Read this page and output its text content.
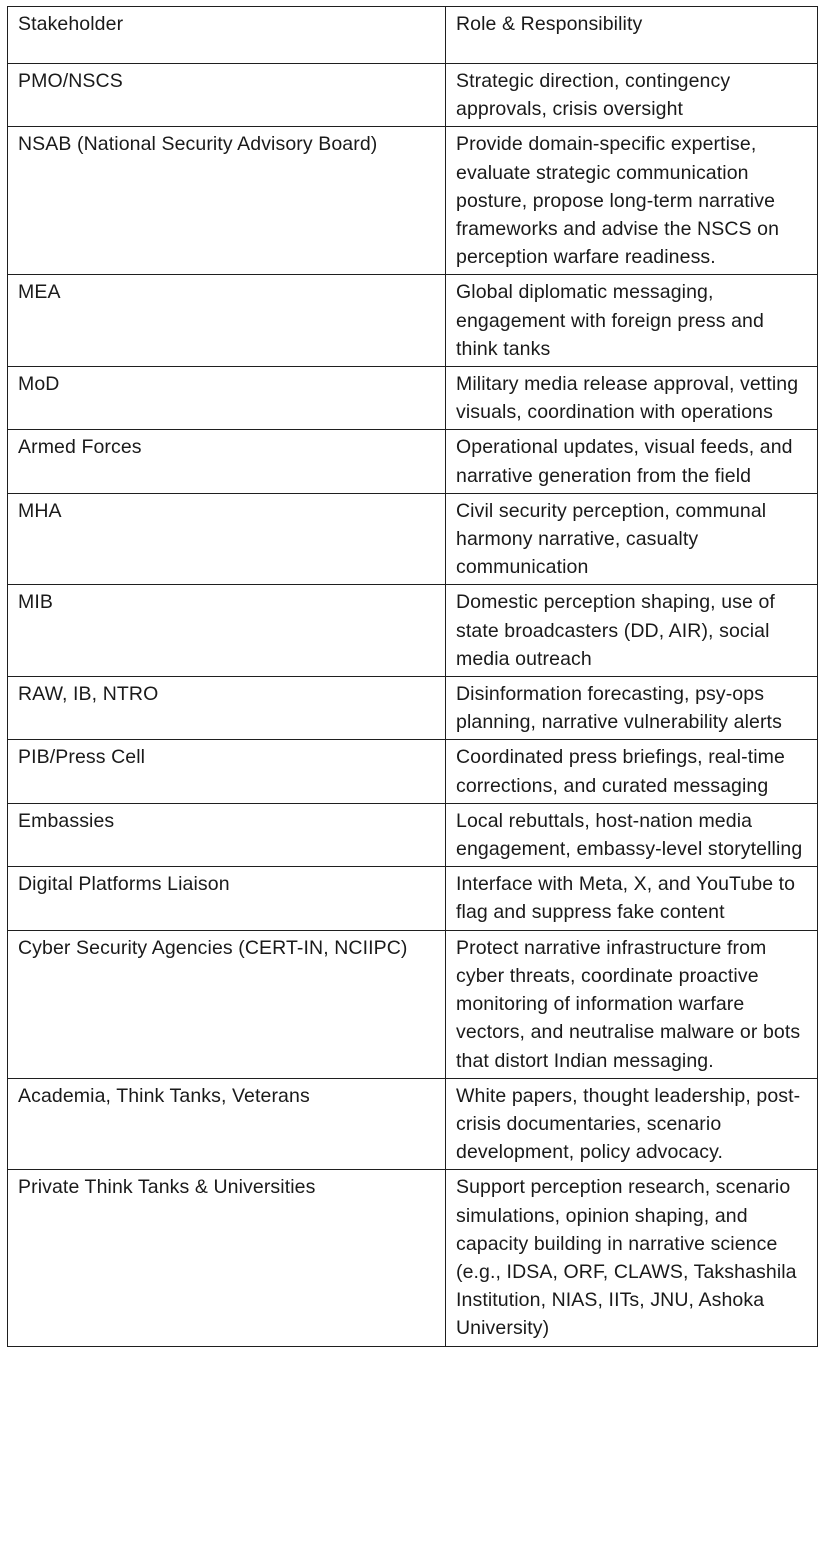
Stakeholder	Role & Responsibility
PMO/NSCS	Strategic direction, contingency approvals, crisis oversight
NSAB (National Security Advisory Board)	Provide domain-specific expertise, evaluate strategic communication posture, propose long-term narrative frameworks and advise the NSCS on perception warfare readiness.
MEA	Global diplomatic messaging, engagement with foreign press and think tanks
MoD	Military media release approval, vetting visuals, coordination with operations
Armed Forces	Operational updates, visual feeds, and narrative generation from the field
MHA	Civil security perception, communal harmony narrative, casualty communication
MIB	Domestic perception shaping, use of state broadcasters (DD, AIR), social media outreach
RAW, IB, NTRO	Disinformation forecasting, psy-ops planning, narrative vulnerability alerts
PIB/Press Cell	Coordinated press briefings, real-time corrections, and curated messaging
Embassies	Local rebuttals, host-nation media engagement, embassy-level storytelling
Digital Platforms Liaison	Interface with Meta, X, and YouTube to flag and suppress fake content
Cyber Security Agencies (CERT-IN, NCIIPC)	Protect narrative infrastructure from cyber threats, coordinate proactive monitoring of information warfare vectors, and neutralise malware or bots that distort Indian messaging.
Academia, Think Tanks, Veterans	White papers, thought leadership, post-crisis documentaries, scenario development, policy advocacy.
Private Think Tanks & Universities	Support perception research, scenario simulations, opinion shaping, and capacity building in narrative science (e.g., IDSA, ORF, CLAWS, Takshashila Institution, NIAS, IITs, JNU, Ashoka University)
